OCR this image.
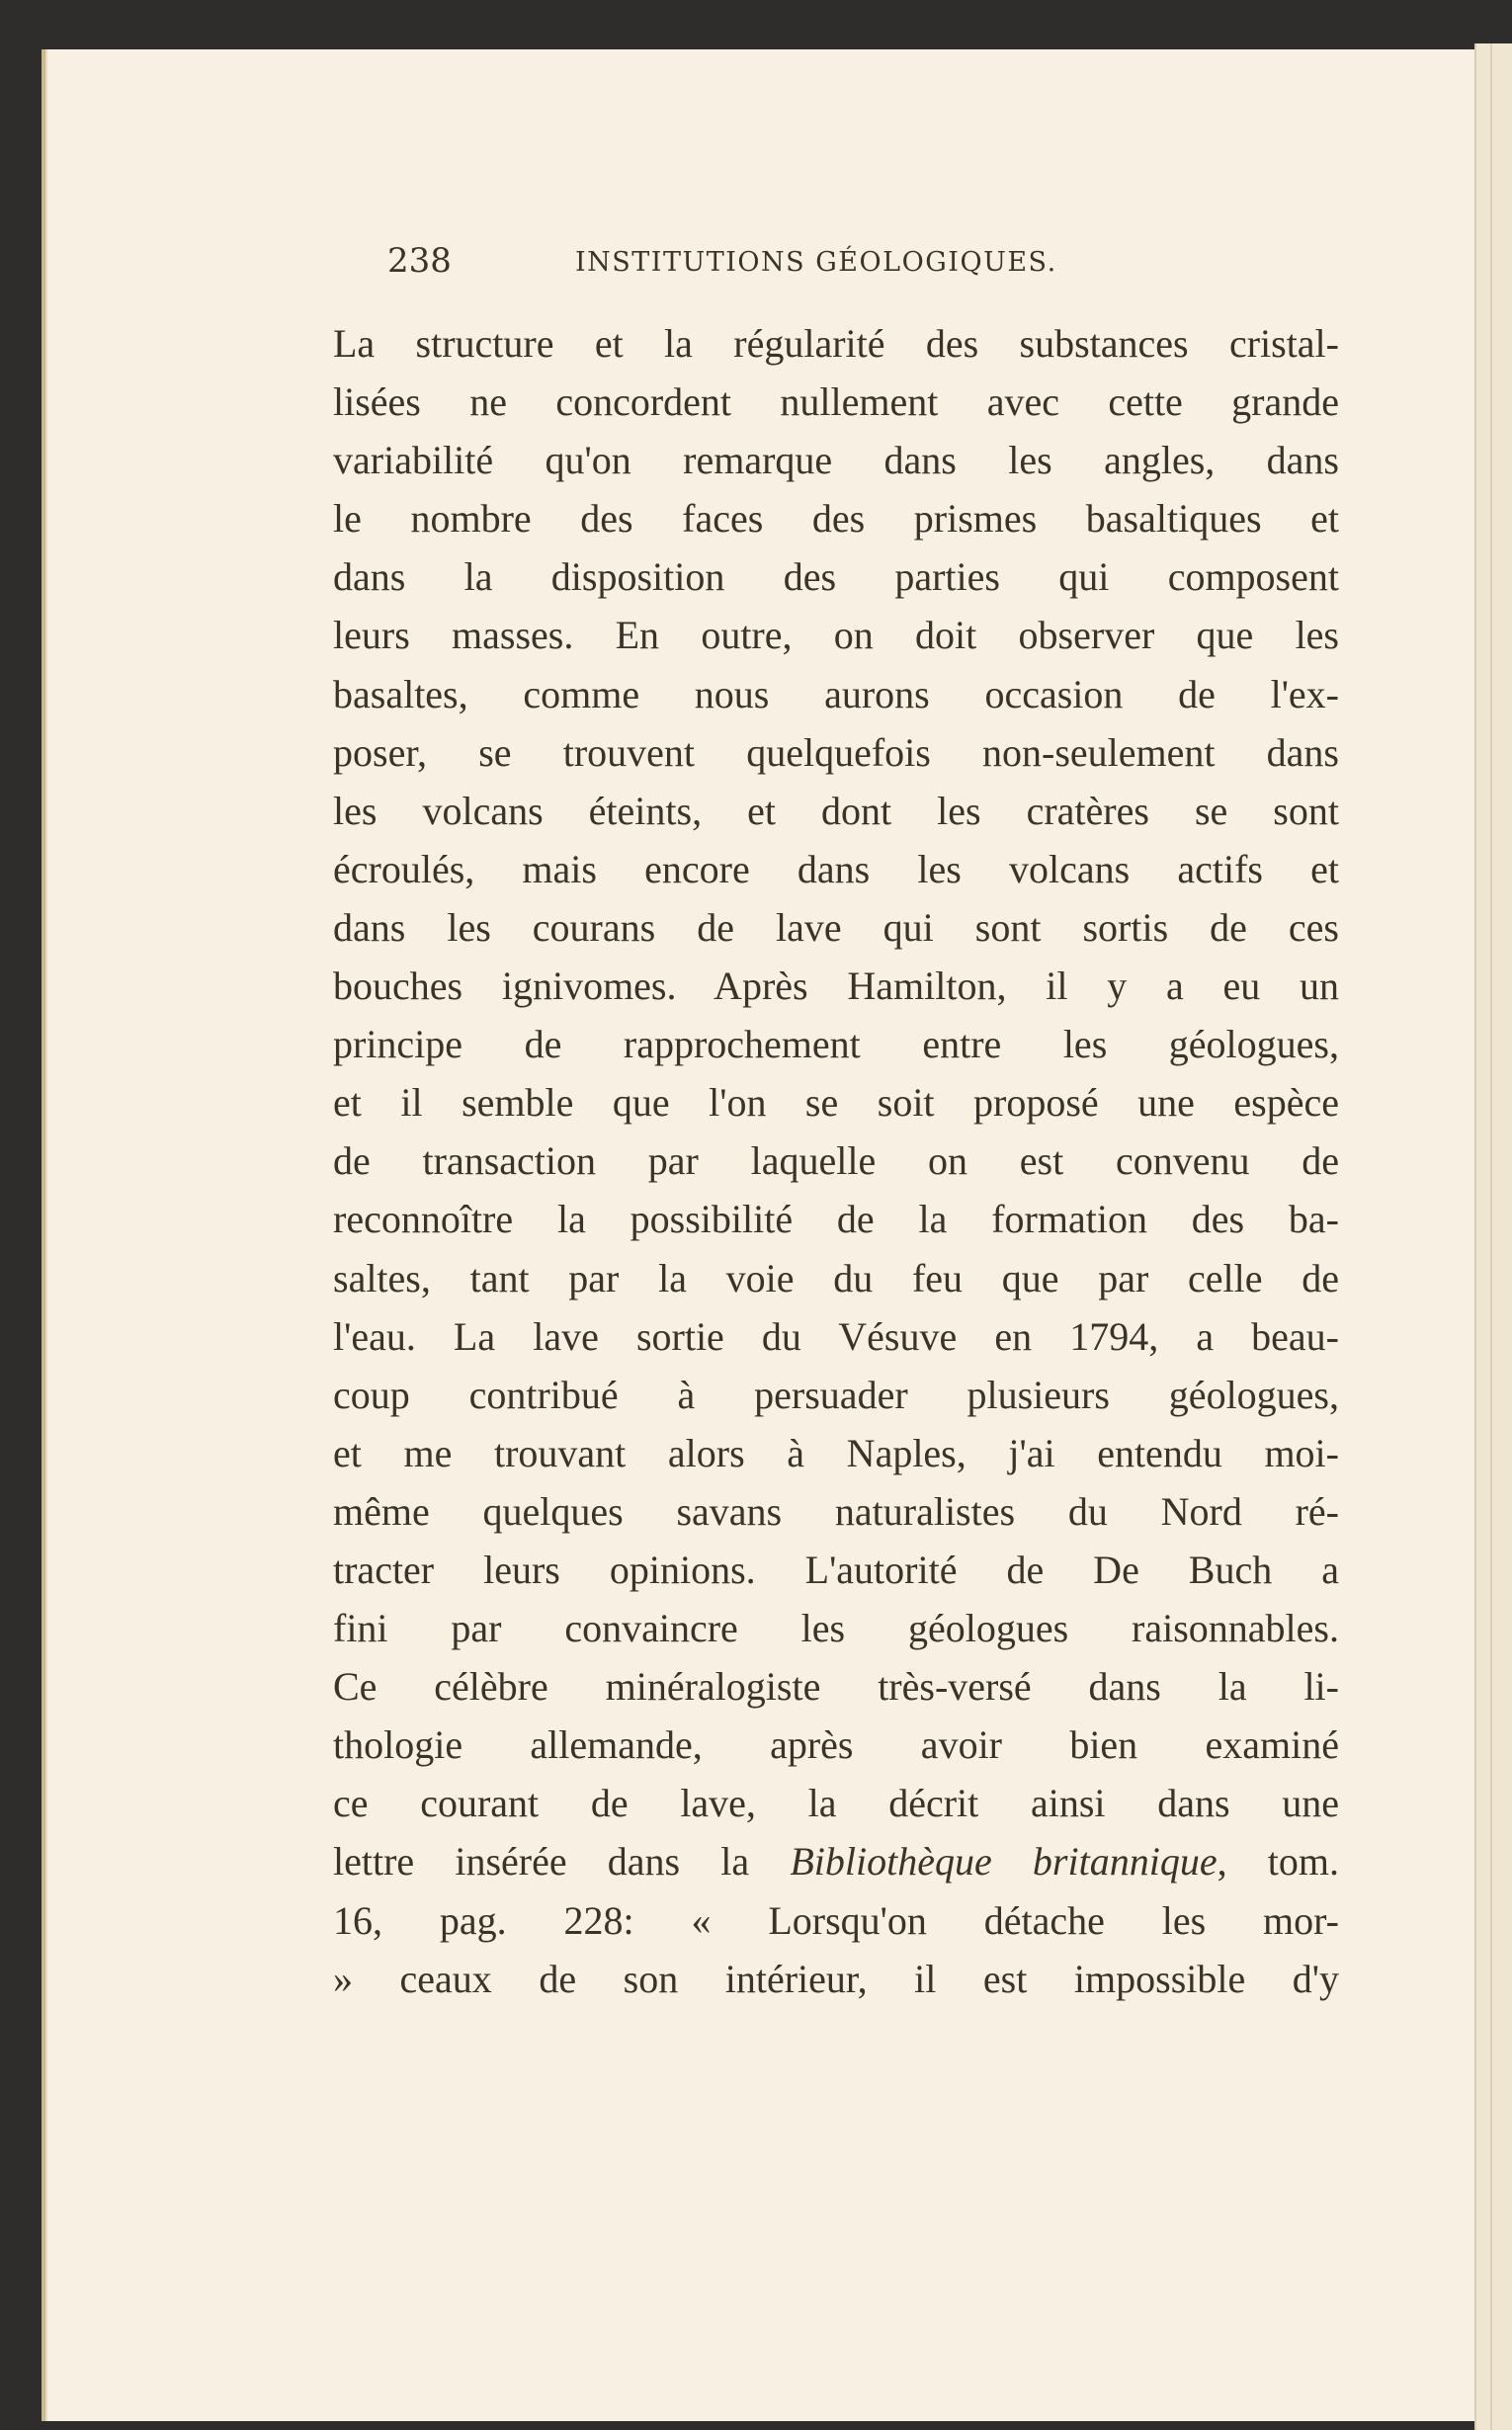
238	INSTITUTIONS GÉOLOGIQUES.
La structure et la régularité des substances cristal-
lisées ne concordent nullement avec cette grande
variabilité qu'on remarque dans les angles, dans
le nombre des faces des prismes basaltiques et
dans la disposition des parties qui composent
leurs masses. En outre, on doit observer que les
basaltes, comme nous aurons occasion de l'ex-
poser, se trouvent quelquefois non-seulement dans
les volcans éteints, et dont les cratères se sont
écroulés, mais encore dans les volcans actifs et
dans les courans de lave qui sont sortis de ces
bouches ignivomes. Après Hamilton, il y a eu un
principe de rapprochement entre les géologues,
et il semble que l'on se soit proposé une espèce
de transaction par laquelle on est convenu de
reconnoître la possibilité de la formation des ba-
saltes, tant par la voie du feu que par celle de
l'eau. La lave sortie du Vésuve en 1794, a beau-
coup contribué à persuader plusieurs géologues,
et me trouvant alors à Naples, j'ai entendu moi-
même quelques savans naturalistes du Nord ré-
tracter leurs opinions. L'autorité de De Buch a
fini par convaincre les géologues raisonnables.
Ce célèbre minéralogiste très-versé dans la li-
thologie allemande, après avoir bien examiné
ce courant de lave, la décrit ainsi dans une
lettre insérée dans la Bibliothèque britannique, tom.
16, pag. 228: « Lorsqu'on détache les mor-
» ceaux de son intérieur, il est impossible d'y
